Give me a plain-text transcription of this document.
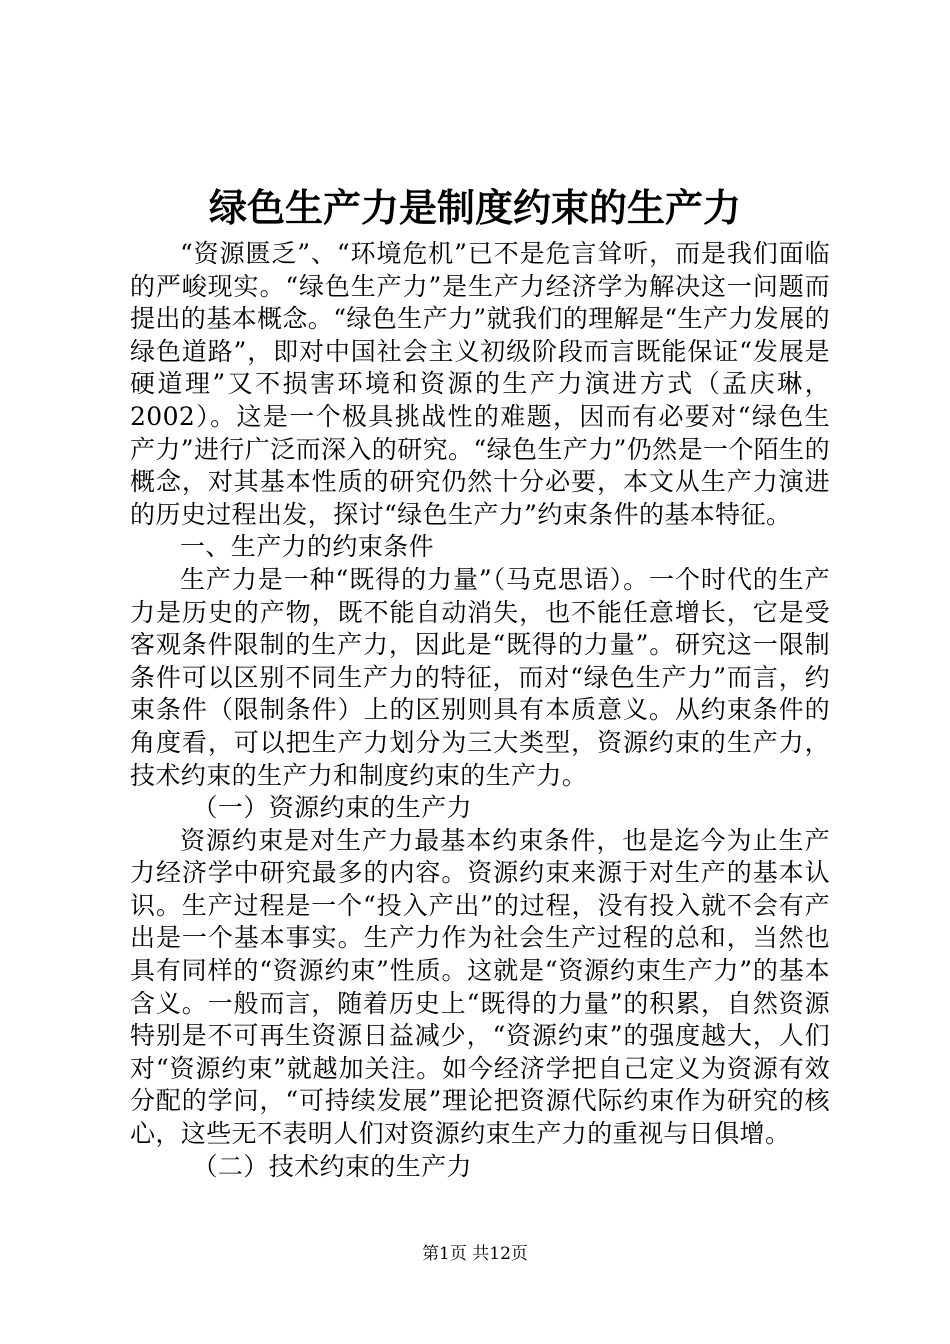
绿色生产力是制度约束的生产力

“资源匮乏”、“环境危机”已不是危言耸听，而是我们面临的严峻现实。“绿色生产力”是生产力经济学为解决这一问题而提出的基本概念。“绿色生产力”就我们的理解是“生产力发展的绿色道路”，即对中国社会主义初级阶段而言既能保证“发展是硬道理”又不损害环境和资源的生产力演进方式（孟庆琳，2002）。这是一个极具挑战性的难题，因而有必要对“绿色生产力”进行广泛而深入的研究。“绿色生产力”仍然是一个陌生的概念，对其基本性质的研究仍然十分必要，本文从生产力演进的历史过程出发，探讨“绿色生产力”约束条件的基本特征。

一、生产力的约束条件

生产力是一种“既得的力量”（马克思语）。一个时代的生产力是历史的产物，既不能自动消失，也不能任意增长，它是受客观条件限制的生产力，因此是“既得的力量”。研究这一限制条件可以区别不同生产力的特征，而对“绿色生产力”而言，约束条件（限制条件）上的区别则具有本质意义。从约束条件的角度看，可以把生产力划分为三大类型，资源约束的生产力，技术约束的生产力和制度约束的生产力。

（一）资源约束的生产力

资源约束是对生产力最基本约束条件，也是迄今为止生产力经济学中研究最多的内容。资源约束来源于对生产的基本认识。生产过程是一个“投入产出”的过程，没有投入就不会有产出是一个基本事实。生产力作为社会生产过程的总和，当然也具有同样的“资源约束”性质。这就是“资源约束生产力”的基本含义。一般而言，随着历史上“既得的力量”的积累，自然资源特别是不可再生资源日益减少，“资源约束”的强度越大，人们对“资源约束”就越加关注。如今经济学把自己定义为资源有效分配的学问，“可持续发展”理论把资源代际约束作为研究的核心，这些无不表明人们对资源约束生产力的重视与日俱增。

（二）技术约束的生产力

第1页 共12页
